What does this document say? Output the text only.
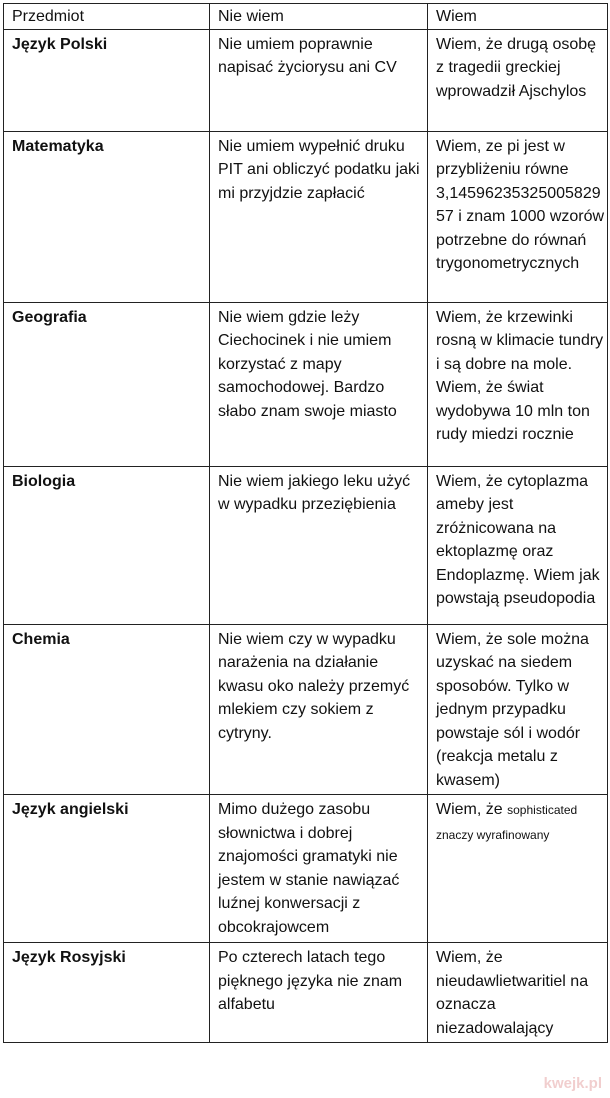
Przedmiot	Nie wiem	Wiem
Język Polski	Nie umiem poprawnie napisać życiorysu ani CV	Wiem, że drugą osobę z tragedii greckiej wprowadził Ajschylos
Matematyka	Nie umiem wypełnić druku PIT ani obliczyć podatku jaki mi przyjdzie zapłacić	Wiem, ze pi jest w przybliżeniu równe 3,1459623532500582957 i znam 1000 wzorów potrzebne do równań trygonometrycznych
Geografia	Nie wiem gdzie leży Ciechocinek i nie umiem korzystać z mapy samochodowej. Bardzo słabo znam swoje miasto	Wiem, że krzewinki rosną w klimacie tundry i są dobre na mole. Wiem, że świat wydobywa 10 mln ton rudy miedzi rocznie
Biologia	Nie wiem jakiego leku użyć w wypadku przeziębienia	Wiem, że cytoplazma ameby jest zróżnicowana na ektoplazmę oraz Endoplazmę. Wiem jak powstają pseudopodia
Chemia	Nie wiem czy w wypadku narażenia na działanie kwasu oko należy przemyć mlekiem czy sokiem z cytryny.	Wiem, że sole można uzyskać na siedem sposobów. Tylko w jednym przypadku powstaje sól i wodór (reakcja metalu z kwasem)
Język angielski	Mimo dużego zasobu słownictwa i dobrej znajomości gramatyki nie jestem w stanie nawiązać luźnej konwersacji z obcokrajowcem	Wiem, że sophisticated znaczy wyrafinowany
Język Rosyjski	Po czterech latach tego pięknego języka nie znam alfabetu	Wiem, że nieudawlietwaritiel na oznacza niezadowalający
kwejk.pl
